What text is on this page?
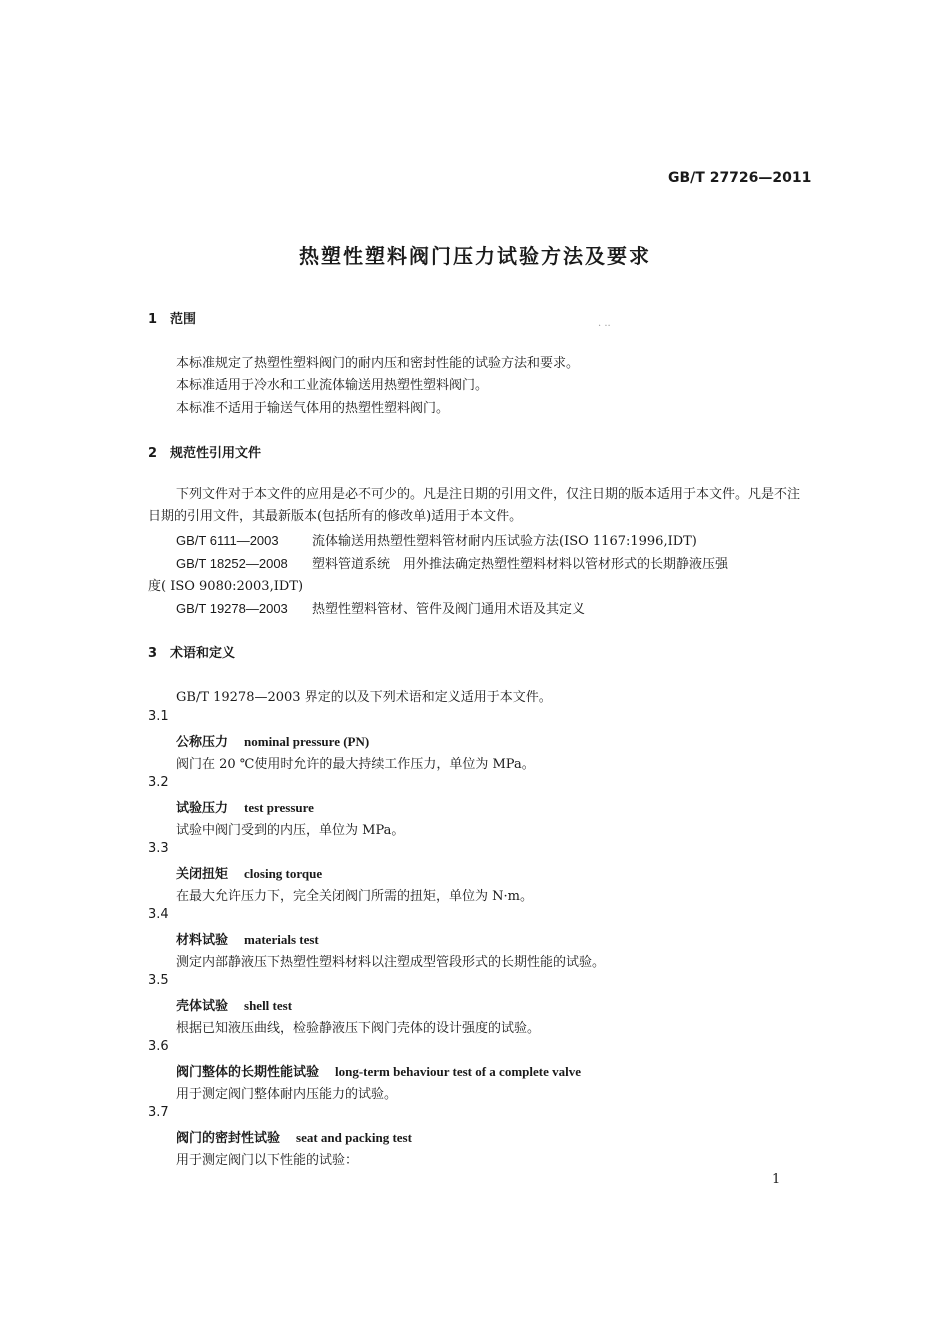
GB/T 27726—2011
热塑性塑料阀门压力试验方法及要求
. ..
1 范围
本标准规定了热塑性塑料阀门的耐内压和密封性能的试验方法和要求。
本标准适用于冷水和工业流体输送用热塑性塑料阀门。
本标准不适用于输送气体用的热塑性塑料阀门。
2 规范性引用文件
下列文件对于本文件的应用是必不可少的。凡是注日期的引用文件，仅注日期的版本适用于本文件。凡是不注日期的引用文件，其最新版本(包括所有的修改单)适用于本文件。
GB/T 6111—2003	流体输送用热塑性塑料管材耐内压试验方法(ISO 1167:1996,IDT)
GB/T 18252—2008 塑料管道系统　用外推法确定热塑性塑料材料以管材形式的长期静液压强
度( ISO 9080:2003,IDT)
GB/T 19278—2003 热塑性塑料管材、管件及阀门通用术语及其定义
3 术语和定义
GB/T 19278—2003 界定的以及下列术语和定义适用于本文件。
3.1
公称压力 nominal pressure (PN)
阀门在 20 ℃使用时允许的最大持续工作压力，单位为 MPa。
3.2
试验压力 test pressure
试验中阀门受到的内压，单位为 MPa。
3.3
关闭扭矩 closing torque
在最大允许压力下，完全关闭阀门所需的扭矩，单位为 N·m。
3.4
材料试验 materials test
测定内部静液压下热塑性塑料材料以注塑成型管段形式的长期性能的试验。
3.5
壳体试验 shell test
根据已知液压曲线，检验静液压下阀门壳体的设计强度的试验。
3.6
阀门整体的长期性能试验 long-term behaviour test of a complete valve
用于测定阀门整体耐内压能力的试验。
3.7
阀门的密封性试验 seat and packing test
用于测定阀门以下性能的试验：
1
